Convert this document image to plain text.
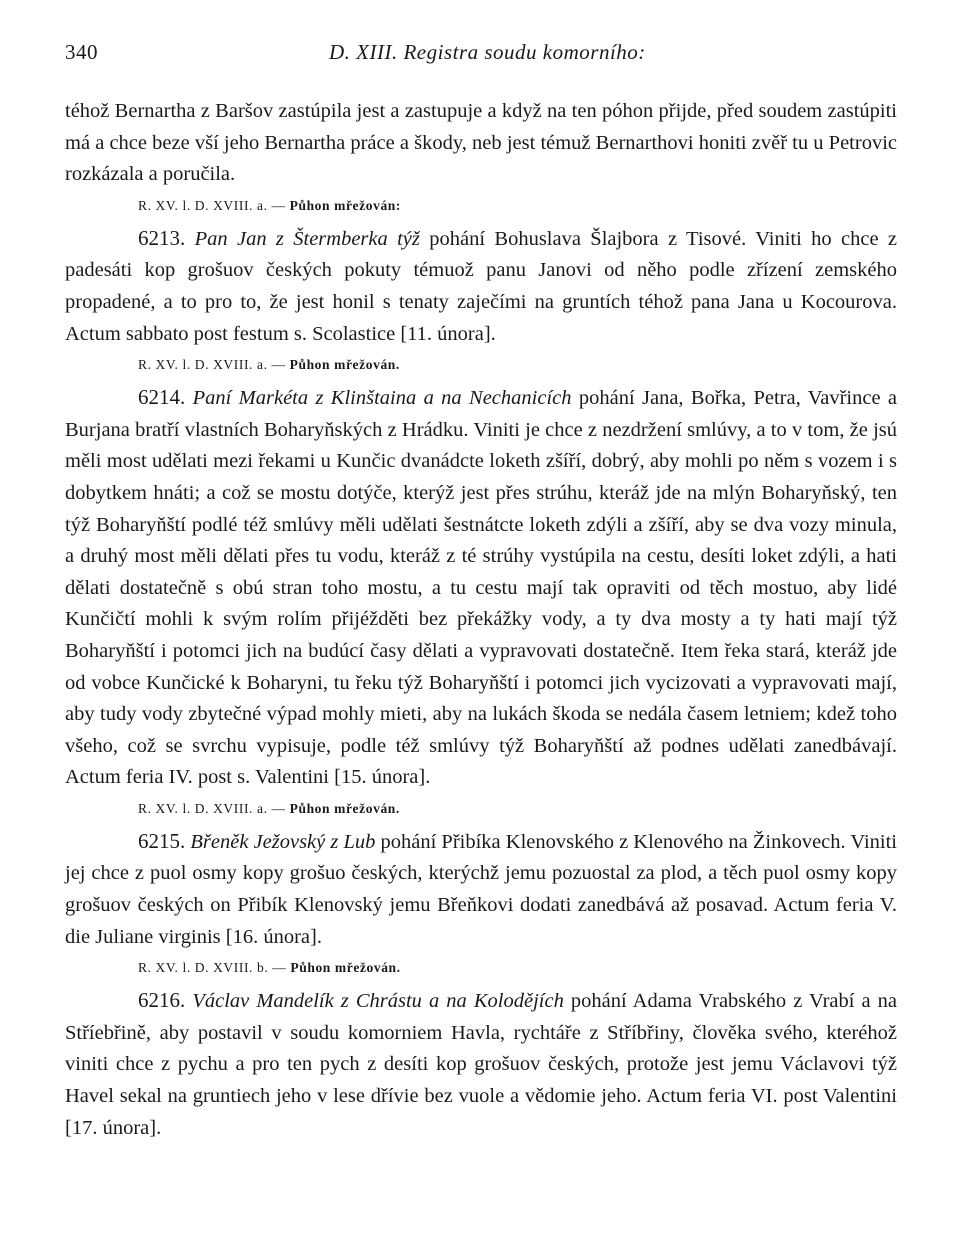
340	D. XIII. Registra soudu komorního:

téhož Bernartha z Baršov zastúpila jest a zastupuje a když na ten póhon přijde, před soudem zastúpiti má a chce beze vší jeho Bernartha práce a škody, neb jest témuž Bernarthovi honiti zvěř tu u Petrovic rozkázala a poručila.

R. XV. l. D. XVIII. a. — Půhon mřežován:

6213. Pan Jan z Štermberka týž pohání Bohuslava Šlajbora z Tisové. Viniti ho chce z padesáti kop grošuov českých pokuty témuož panu Janovi od něho podle zřízení zemského propadené, a to pro to, že jest honil s tenaty zaječími na gruntích téhož pana Jana u Kocourova. Actum sabbato post festum s. Scolastice [11. února].

R. XV. l. D. XVIII. a. — Půhon mřežován.

6214. Paní Markéta z Klinštaina a na Nechanicích pohání Jana, Bořka, Petra, Vavřince a Burjana bratří vlastních Boharyňských z Hrádku. Viniti je chce z nezdržení smlúvy, a to v tom, že jsú měli most udělati mezi řekami u Kunčic dvanádcte loketh zšíří, dobrý, aby mohli po něm s vozem i s dobytkem hnáti; a což se mostu dotýče, kterýž jest přes strúhu, kteráž jde na mlýn Boharyňský, ten týž Boharyňští podlé též smlúvy měli udělati šestnátcte loketh zdýli a zšíří, aby se dva vozy minula, a druhý most měli dělati přes tu vodu, kteráž z té strúhy vystúpila na cestu, desíti loket zdýli, a hati dělati dostatečně s obú stran toho mostu, a tu cestu mají tak opraviti od těch mostuo, aby lidé Kunčičtí mohli k svým rolím přijéžděti bez překážky vody, a ty dva mosty a ty hati mají týž Boharyňští i potomci jich na budúcí časy dělati a vypravovati dostatečně. Item řeka stará, kteráž jde od vobce Kunčické k Boharyni, tu řeku týž Boharyňští i potomci jich vycizovati a vypravovati mají, aby tudy vody zbytečné výpad mohly mieti, aby na lukách škoda se nedála časem letniem; kdež toho všeho, což se svrchu vypisuje, podle též smlúvy týž Boharyňští až podnes udělati zanedbávají. Actum feria IV. post s. Valentini [15. února].

R. XV. l. D. XVIII. a. — Půhon mřežován.

6215. Břeněk Ježovský z Lub pohání Přibíka Klenovského z Klenového na Žinkovech. Viniti jej chce z puol osmy kopy grošuo českých, kterýchž jemu pozuostal za plod, a těch puol osmy kopy grošuov českých on Přibík Klenovský jemu Břeňkovi dodati zanedbává až posavad. Actum feria V. die Juliane virginis [16. února].

R. XV. l. D. XVIII. b. — Půhon mřežován.

6216. Václav Mandelík z Chrástu a na Kolodějích pohání Adama Vrabského z Vrabí a na Stříebřině, aby postavil v soudu komorniem Havla, rychtáře z Stříbřiny, člověka svého, kteréhož viniti chce z pychu a pro ten pych z desíti kop grošuov českých, protože jest jemu Václavovi týž Havel sekal na gruntiech jeho v lese dřívie bez vuole a vědomie jeho. Actum feria VI. post Valentini [17. února].
